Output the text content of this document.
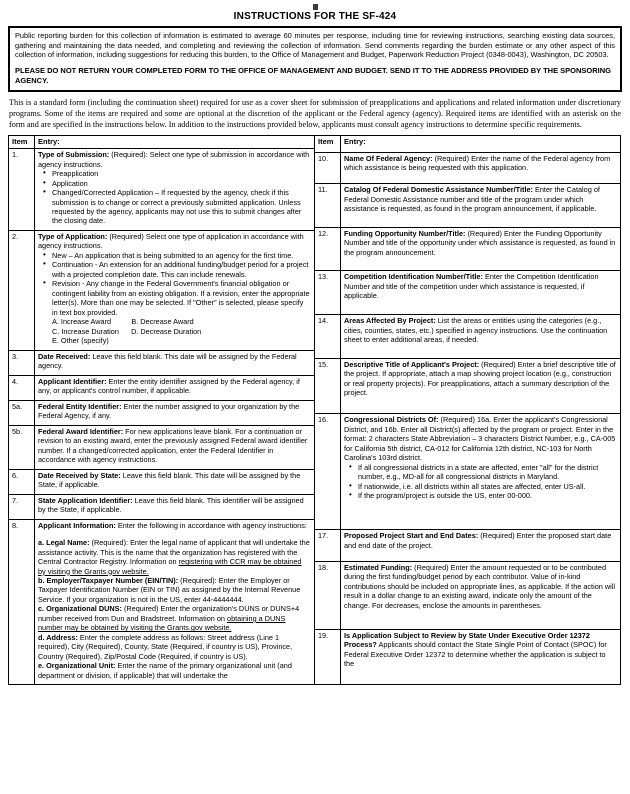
INSTRUCTIONS FOR THE SF-424

Public reporting burden for this collection of information is estimated to average 60 minutes per response, including time for reviewing instructions, searching existing data sources, gathering and maintaining the data needed, and completing and reviewing the collection of information. Send comments regarding the burden estimate or any other aspect of this collection of information, including suggestions for reducing this burden, to the Office of Management and Budget, Paperwork Reduction Project (0348-0043), Washington, DC 20503.

PLEASE DO NOT RETURN YOUR COMPLETED FORM TO THE OFFICE OF MANAGEMENT AND BUDGET. SEND IT TO THE ADDRESS PROVIDED BY THE SPONSORING AGENCY.

This is a standard form (including the continuation sheet) required for use as a cover sheet for submission of preapplications and applications and related information under discretionary programs. Some of the items are required and some are optional at the discretion of the applicant or the Federal agency (agency). Required items are identified with an asterisk on the form and are specified in the instructions below. In addition to the instructions provided below, applicants must consult agency instructions to determine specific requirements.

Item	Entry:
1.	Type of Submission: (Required): Select one type of submission in accordance with agency instructions.
• Preapplication
• Application
• Changed/Corrected Application – If requested by the agency, check if this submission is to change or correct a previously submitted application. Unless requested by the agency, applicants may not use this to submit changes after the closing date.

2.	Type of Application: (Required) Select one type of application in accordance with agency instructions.
• New – An application that is being submitted to an agency for the first time.
• Continuation - An extension for an additional funding/budget period for a project with a projected completion date. This can include renewals.
• Revision - Any change in the Federal Government's financial obligation or contingent liability from an existing obligation. If a revision, enter the appropriate letter(s). More than one may be selected. If "Other" is selected, please specify in text box provided.
A. Increase Award          B. Decrease Award
C. Increase Duration      D. Decrease Duration
E. Other (specify)

3.	Date Received: Leave this field blank. This date will be assigned by the Federal agency.

4.	Applicant Identifier: Enter the entity identifier assigned by the Federal agency, if any, or applicant's control number, if applicable.

5a.	Federal Entity Identifier: Enter the number assigned to your organization by the Federal Agency, if any.

5b.	Federal Award Identifier: For new applications leave blank. For a continuation or revision to an existing award, enter the previously assigned Federal award identifier number. If a changed/corrected application, enter the Federal Identifier in accordance with agency instructions.

6.	Date Received by State: Leave this field blank. This date will be assigned by the State, if applicable.

7.	State Application Identifier: Leave this field blank. This identifier will be assigned by the State, if applicable.

8.	Applicant Information: Enter the following in accordance with agency instructions:
a. Legal Name: (Required): Enter the legal name of applicant that will undertake the assistance activity. This is the name that the organization has registered with the Central Contractor Registry. Information on registering with CCR may be obtained by visiting the Grants.gov website.
b. Employer/Taxpayer Number (EIN/TIN): (Required): Enter the Employer or Taxpayer Identification Number (EIN or TIN) as assigned by the Internal Revenue Service. If your organization is not in the US, enter 44-4444444.
c. Organizational DUNS: (Required) Enter the organization's DUNS or DUNS+4 number received from Dun and Bradstreet. Information on obtaining a DUNS number may be obtained by visiting the Grants.gov website.
d. Address: Enter the complete address as follows: Street address (Line 1 required), City (Required), County, State (Required, if country is US), Province, Country (Required), Zip/Postal Code (Required, if country is US).
e. Organizational Unit: Enter the name of the primary organizational unit (and department or division, if applicable) that will undertake the
Item	Entry:
10.	Name Of Federal Agency: (Required) Enter the name of the Federal agency from which assistance is being requested with this application.

11.	Catalog Of Federal Domestic Assistance Number/Title: Enter the Catalog of Federal Domestic Assistance number and title of the program under which assistance is requested, as found in the program announcement, if applicable.

12.	Funding Opportunity Number/Title: (Required) Enter the Funding Opportunity Number and title of the opportunity under which assistance is requested, as found in the program announcement.

13.	Competition Identification Number/Title: Enter the Competition Identification Number and title of the competition under which assistance is requested, if applicable.

14.	Areas Affected By Project: List the areas or entities using the categories (e.g., cities, counties, states, etc.) specified in agency instructions. Use the continuation sheet to enter additional areas, if needed.

15.	Descriptive Title of Applicant's Project: (Required) Enter a brief descriptive title of the project. If appropriate, attach a map showing project location (e.g., construction or real property projects). For preapplications, attach a summary description of the project.

16.	Congressional Districts Of: (Required) 16a. Enter the applicant's Congressional District, and 16b. Enter all District(s) affected by the program or project. Enter in the format: 2 characters State Abbreviation – 3 characters District Number, e.g., CA-005 for California 5th district, CA-012 for California 12th district, NC-103 for North Carolina's 103rd district.
• If all congressional districts in a state are affected, enter "all" for the district number, e.g., MD-all for all congressional districts in Maryland.
• If nationwide, i.e. all districts within all states are affected, enter US-all.
• If the program/project is outside the US, enter 00-000.

17.	Proposed Project Start and End Dates: (Required) Enter the proposed start date and end date of the project.

18.	Estimated Funding: (Required) Enter the amount requested or to be contributed during the first funding/budget period by each contributor. Value of in-kind contributions should be included on appropriate lines, as applicable. If the action will result in a dollar change to an existing award, indicate only the amount of the change. For decreases, enclose the amounts in parentheses.

19.	Is Application Subject to Review by State Under Executive Order 12372 Process? Applicants should contact the State Single Point of Contact (SPOC) for Federal Executive Order 12372 to determine whether the application is subject to the
